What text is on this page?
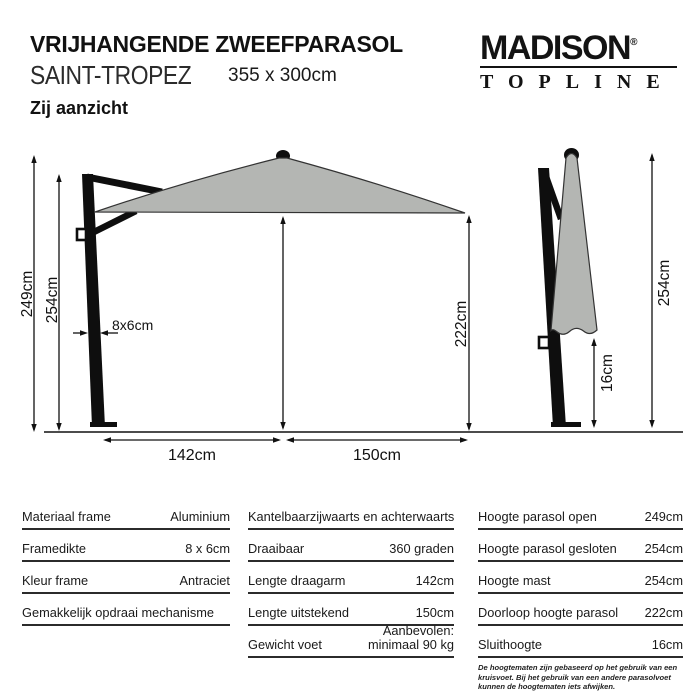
VRIJHANGENDE ZWEEFPARASOL
SAINT-TROPEZ 355 x 300cm
Zij aanzicht
MADISON®
TOPLINE
249cm 254cm
8x6cm	222cm
16cm
254cm
142cm	150cm
Materiaal frame	Aluminium
Framedikte	8 x 6cm
Kleur frame	Antraciet
Gemakkelijk opdraai mechanisme
Kantelbaar zijwaarts en achterwaarts
Draaibaar	360 graden
Lengte draagarm	142cm
Lengte uitstekend	150cm
Gewicht voet
Aanbevolen:
minimaal 90 kg
Hoogte parasol open	249cm
Hoogte parasol gesloten 254cm
Hoogte mast	254cm
Doorloop hoogte parasol 222cm
Sluithoogte	16cm
De hoogtematen zijn gebaseerd op het gebruik van een kruisvoet. Bij het gebruik van een andere parasolvoet kunnen de hoogtematen iets afwijken.
